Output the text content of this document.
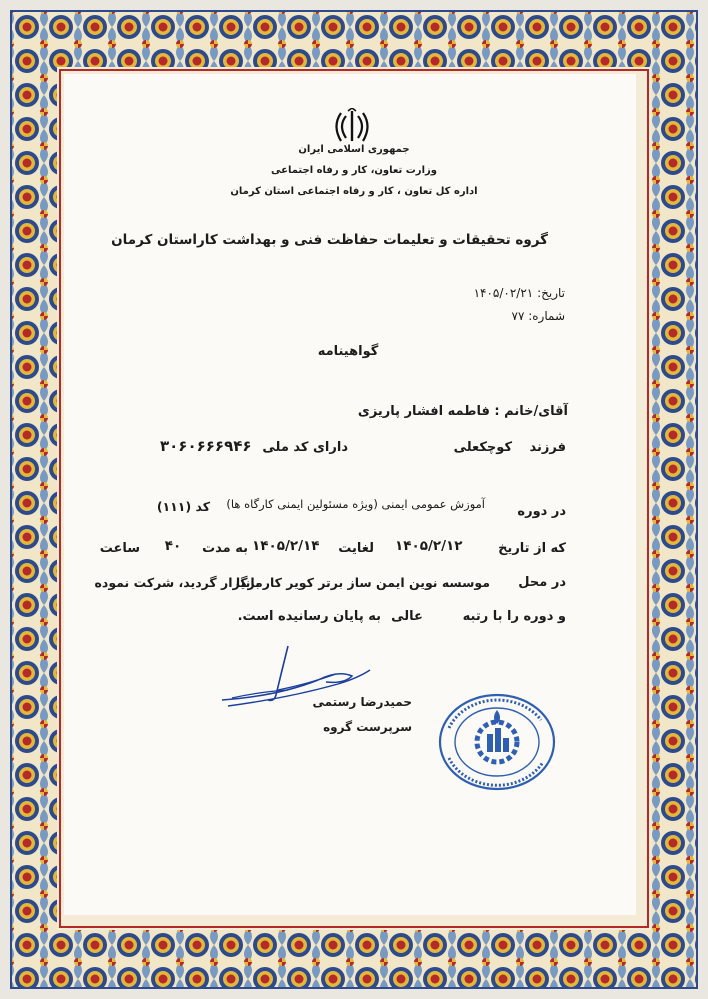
جمهوری اسلامی ایران
وزارت تعاون، کار و رفاه اجتماعی
اداره کل تعاون ، کار و رفاه اجتماعی استان کرمان
گروه تحقیقات و تعلیمات حفاظت فنی و بهداشت کاراستان کرمان
تاریخ: ۱۴۰۵/۰۲/۲۱
شماره: ۷۷
گواهینامه
آقای/خانم : فاطمه افشار پاریزی
فرزند
کوچکعلی
دارای کد ملی
۳۰۶۰۶۶۶۹۴۶
در دوره
آموزش عمومی ایمنی (ویژه مسئولین ایمنی کارگاه ها)
کد (۱۱۱)
که از تاریخ
۱۴۰۵/۲/۱۲
لغایت
۱۴۰۵/۲/۱۴
به مدت
۴۰
ساعت
در محل
موسسه نوین ایمن ساز برتر کویر کارمانیا
برگزار گردید، شرکت نموده
و دوره را با رتبه
عالی
به پایان رسانیده است.
حمیدرضا رستمی
سرپرست گروه
